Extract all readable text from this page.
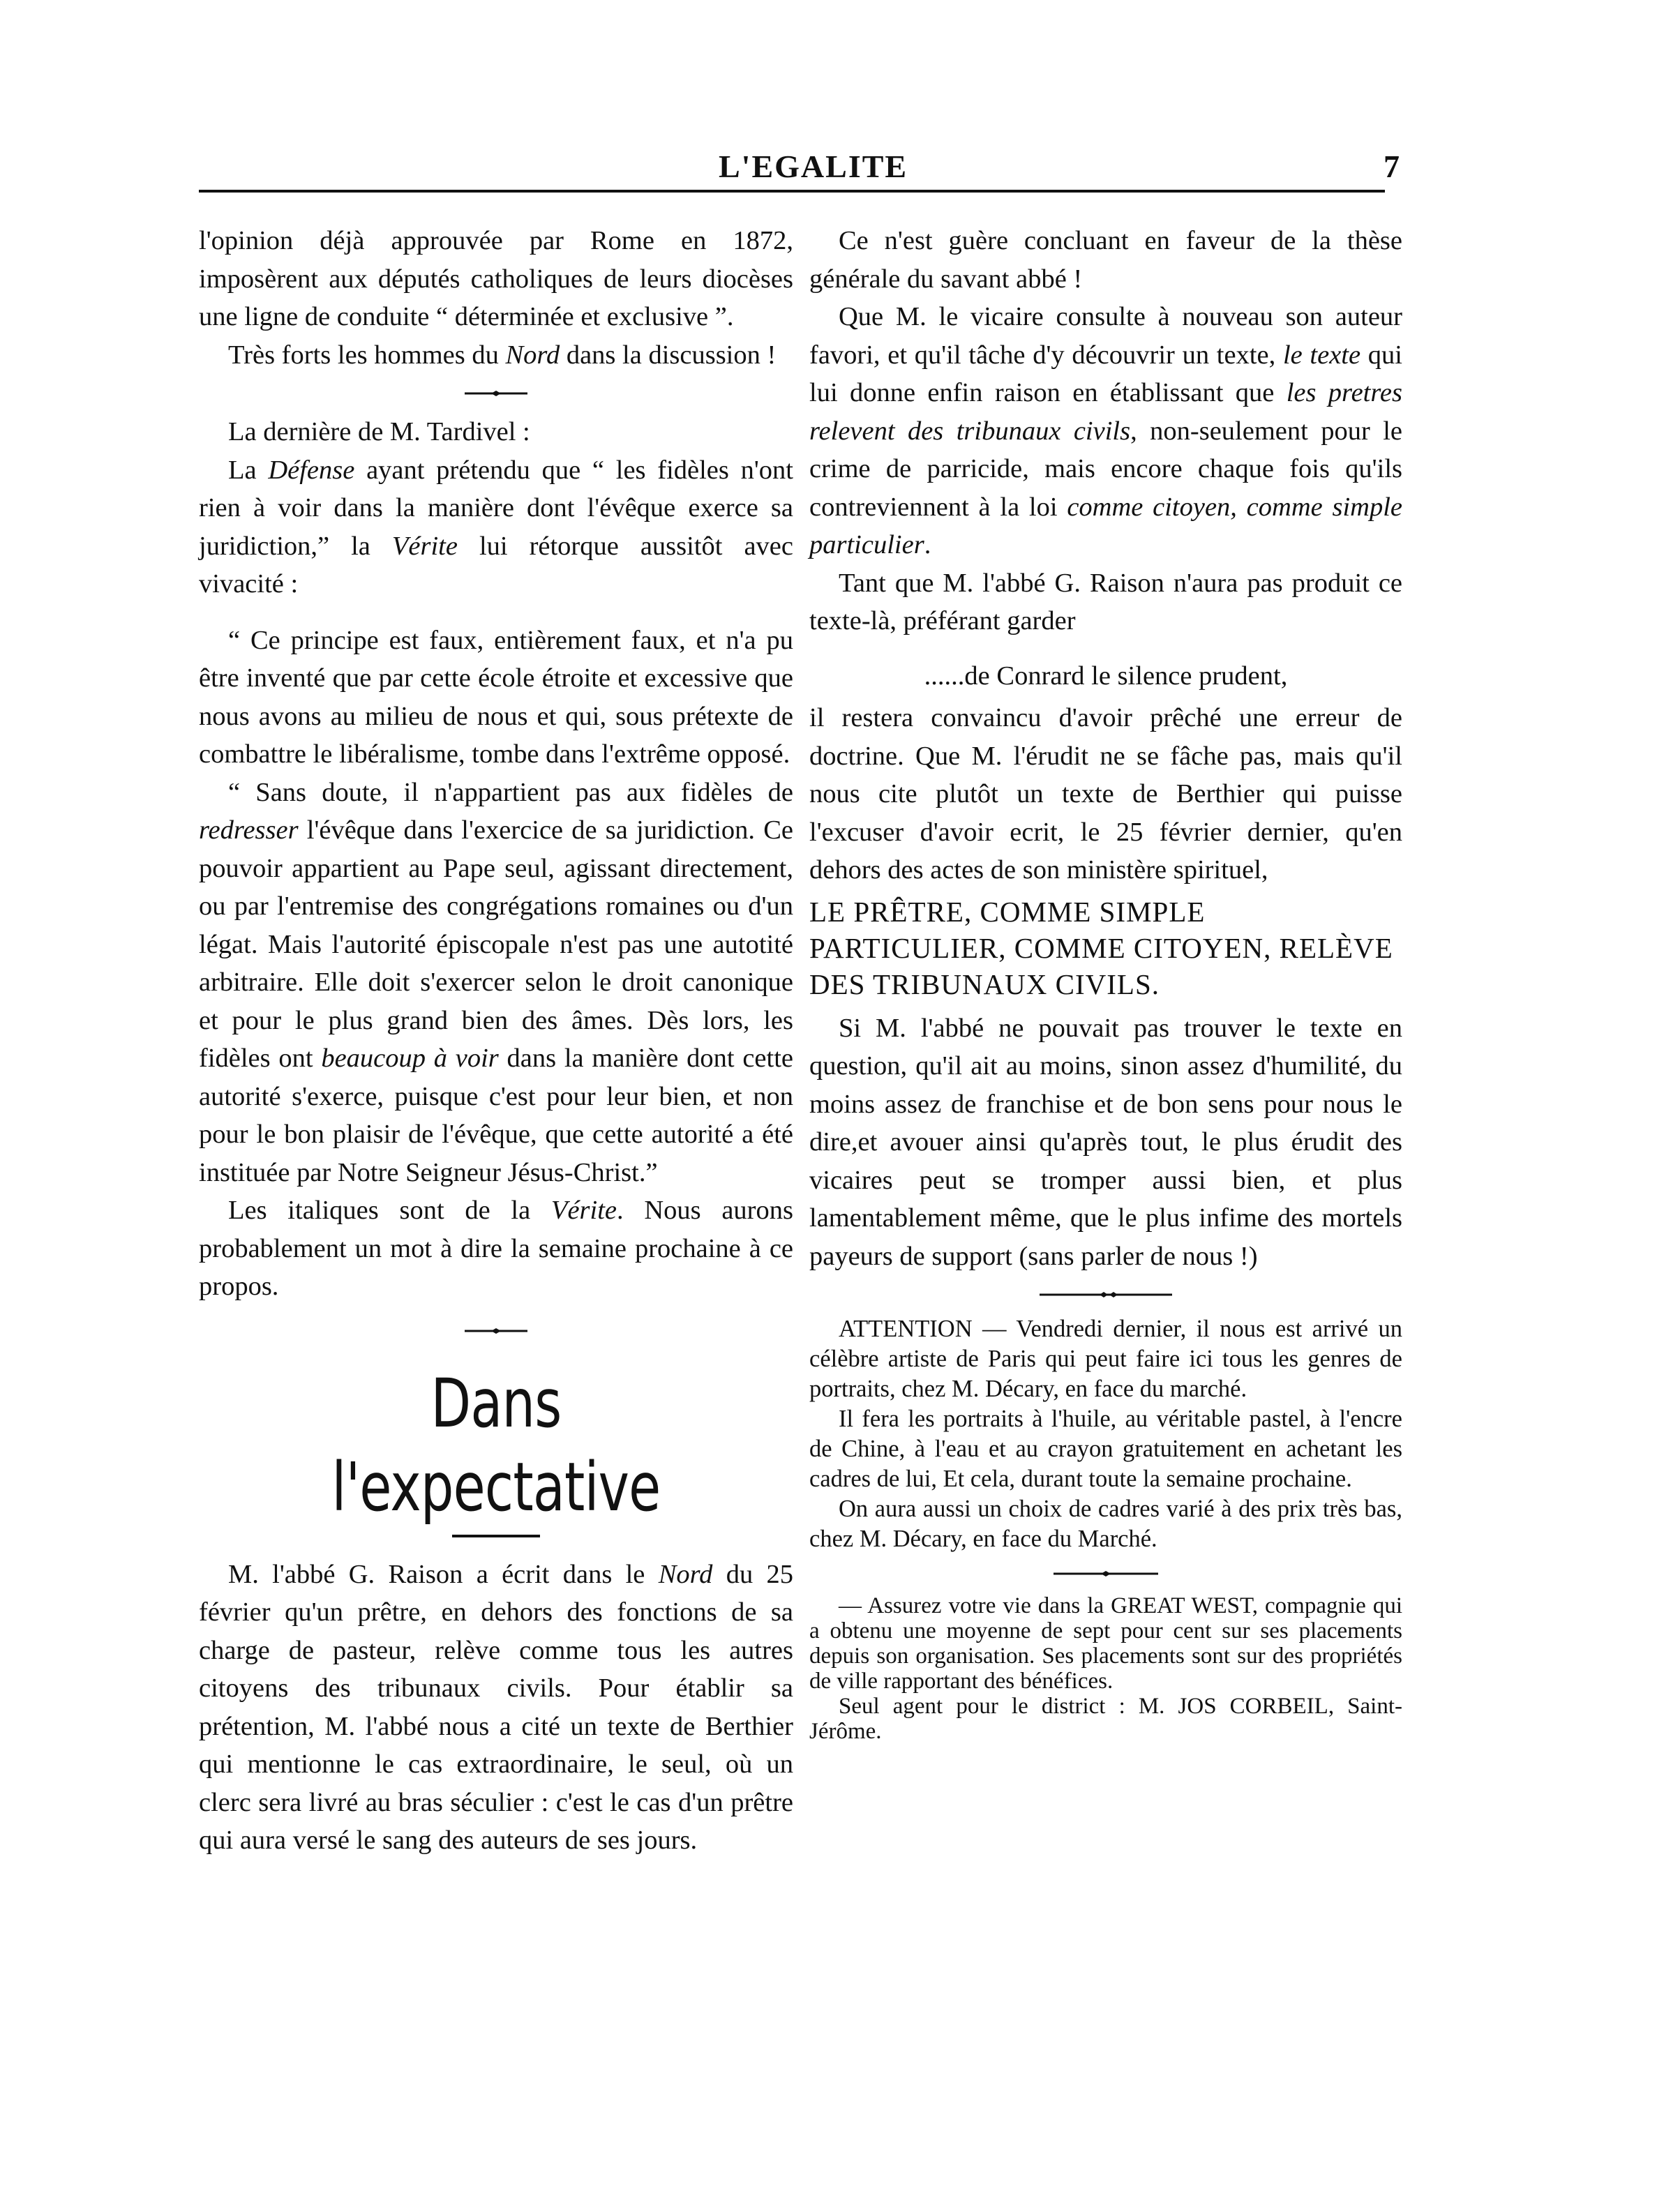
L'EGALITE	7

l'opinion déjà approuvée par Rome en 1872, imposèrent aux députés catholiques de leurs diocèses une ligne de conduite “ déterminée et exclusive ”.

Très forts les hommes du Nord dans la discussion !

La dernière de M. Tardivel :

La Défense ayant prétendu que “ les fidèles n'ont rien à voir dans la manière dont l'évêque exerce sa juridiction,” la Vérite lui rétorque aussitôt avec vivacité :

“ Ce principe est faux, entièrement faux, et n'a pu être inventé que par cette école étroite et excessive que nous avons au milieu de nous et qui, sous prétexte de combattre le libéralisme, tombe dans l'extrême opposé.

“ Sans doute, il n'appartient pas aux fidèles de redresser l'évêque dans l'exercice de sa juridiction. Ce pouvoir appartient au Pape seul, agissant directement, ou par l'entremise des congrégations romaines ou d'un légat. Mais l'autorité épiscopale n'est pas une autotité arbitraire. Elle doit s'exercer selon le droit canonique et pour le plus grand bien des âmes. Dès lors, les fidèles ont beaucoup à voir dans la manière dont cette autorité s'exerce, puisque c'est pour leur bien, et non pour le bon plaisir de l'évêque, que cette autorité a été instituée par Notre Seigneur Jésus-Christ.”

Les italiques sont de la Vérite. Nous aurons probablement un mot à dire la semaine prochaine à ce propos.

Dans l'expectative

M. l'abbé G. Raison a écrit dans le Nord du 25 février qu'un prêtre, en dehors des fonctions de sa charge de pasteur, relève comme tous les autres citoyens des tribunaux civils. Pour établir sa prétention, M. l'abbé nous a cité un texte de Berthier qui mentionne le cas extraordinaire, le seul, où un clerc sera livré au bras séculier : c'est le cas d'un prêtre qui aura versé le sang des auteurs de ses jours.

Ce n'est guère concluant en faveur de la thèse générale du savant abbé !

Que M. le vicaire consulte à nouveau son auteur favori, et qu'il tâche d'y découvrir un texte, le texte qui lui donne enfin raison en établissant que les pretres relevent des tribunaux civils, non-seulement pour le crime de parricide, mais encore chaque fois qu'ils contreviennent à la loi comme citoyen, comme simple particulier.

Tant que M. l'abbé G. Raison n'aura pas produit ce texte-là, préférant garder

......de Conrard le silence prudent,

il restera convaincu d'avoir prêché une erreur de doctrine. Que M. l'érudit ne se fâche pas, mais qu'il nous cite plutôt un texte de Berthier qui puisse l'excuser d'avoir ecrit, le 25 février dernier, qu'en dehors des actes de son ministère spirituel,

LE PRÊTRE, COMME SIMPLE PARTICULIER, COMME CITOYEN, RELÈVE DES TRIBUNAUX CIVILS.

Si M. l'abbé ne pouvait pas trouver le texte en question, qu'il ait au moins, sinon assez d'humilité, du moins assez de franchise et de bon sens pour nous le dire,et avouer ainsi qu'après tout, le plus érudit des vicaires peut se tromper aussi bien, et plus lamentablement même, que le plus infime des mortels payeurs de support (sans parler de nous !)

ATTENTION — Vendredi dernier, il nous est arrivé un célèbre artiste de Paris qui peut faire ici tous les genres de portraits, chez M. Décary, en face du marché.

Il fera les portraits à l'huile, au véritable pastel, à l'encre de Chine, à l'eau et au crayon gratuitement en achetant les cadres de lui, Et cela, durant toute la semaine prochaine.

On aura aussi un choix de cadres varié à des prix très bas, chez M. Décary, en face du Marché.

— Assurez votre vie dans la GREAT WEST, compagnie qui a obtenu une moyenne de sept pour cent sur ses placements depuis son organisation. Ses placements sont sur des propriétés de ville rapportant des bénéfices.

Seul agent pour le district : M. JOS CORBEIL, Saint-Jérôme.
